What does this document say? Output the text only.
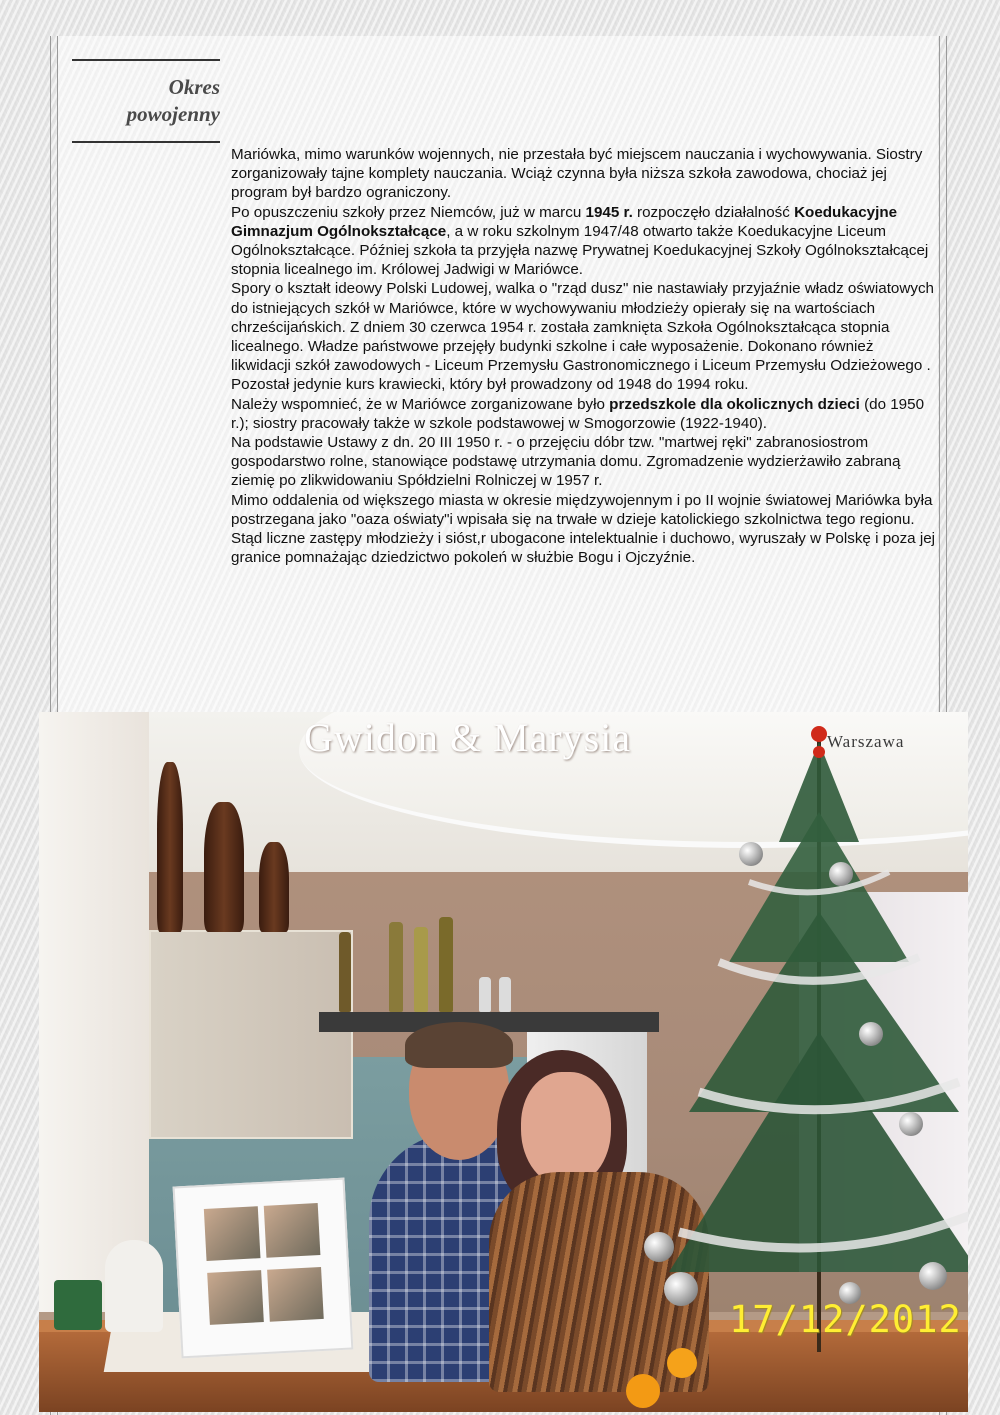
Okres
powojenny

Mariówka, mimo warunków wojennych, nie przestała być miejscem nauczania i wychowywania. Siostry zorganizowały tajne komplety nauczania. Wciąż czynna była niższa szkoła zawodowa, chociaż jej program był bardzo ograniczony.

Po opuszczeniu szkoły przez Niemców, już w marcu 1945 r. rozpoczęło działalność Koedukacyjne Gimnazjum Ogólnokształcące, a w roku szkolnym 1947/48 otwarto także Koedukacyjne Liceum Ogólnokształcące. Później szkoła ta przyjęła nazwę Prywatnej Koedukacyjnej Szkoły Ogólnokształcącej stopnia licealnego im. Królowej Jadwigi w Mariówce.

Spory o kształt ideowy Polski Ludowej, walka o "rząd dusz" nie nastawiały przyjaźnie władz oświatowych do istniejących szkół w Mariówce, które w wychowywaniu młodzieży opierały się na wartościach chrześcijańskich. Z dniem 30 czerwca 1954 r. została zamknięta Szkoła Ogólnokształcąca stopnia licealnego. Władze państwowe przejęły budynki szkolne i całe wyposażenie. Dokonano również likwidacji szkół zawodowych - Liceum Przemysłu Gastronomicznego i Liceum Przemysłu Odzieżowego . Pozostał jedynie kurs krawiecki, który był prowadzony od 1948 do 1994 roku.

Należy wspomnieć, że w Mariówce zorganizowane było przedszkole dla okolicznych dzieci (do 1950 r.); siostry pracowały także w szkole podstawowej w Smogorzowie (1922-1940).

Na podstawie Ustawy z dn. 20 III 1950 r. - o przejęciu dóbr tzw. "martwej ręki" zabranosiostrom gospodarstwo rolne, stanowiące podstawę utrzymania domu. Zgromadzenie wydzierżawiło zabraną ziemię po zlikwidowaniu Spółdzielni Rolniczej w 1957 r.

Mimo oddalenia od większego miasta w okresie międzywojennym i po II wojnie światowej Mariówka była postrzegana jako "oaza oświaty"i wpisała się na trwałe w dzieje katolickiego szkolnictwa tego regionu. Stąd liczne zastępy młodzieży i sióst,r ubogacone intelektualnie i duchowo, wyruszały w Polskę i poza jej granice pomnażając dziedzictwo pokoleń w służbie Bogu i Ojczyźnie.

Gwidon & Marysia	Warszawa
17/12/2012
